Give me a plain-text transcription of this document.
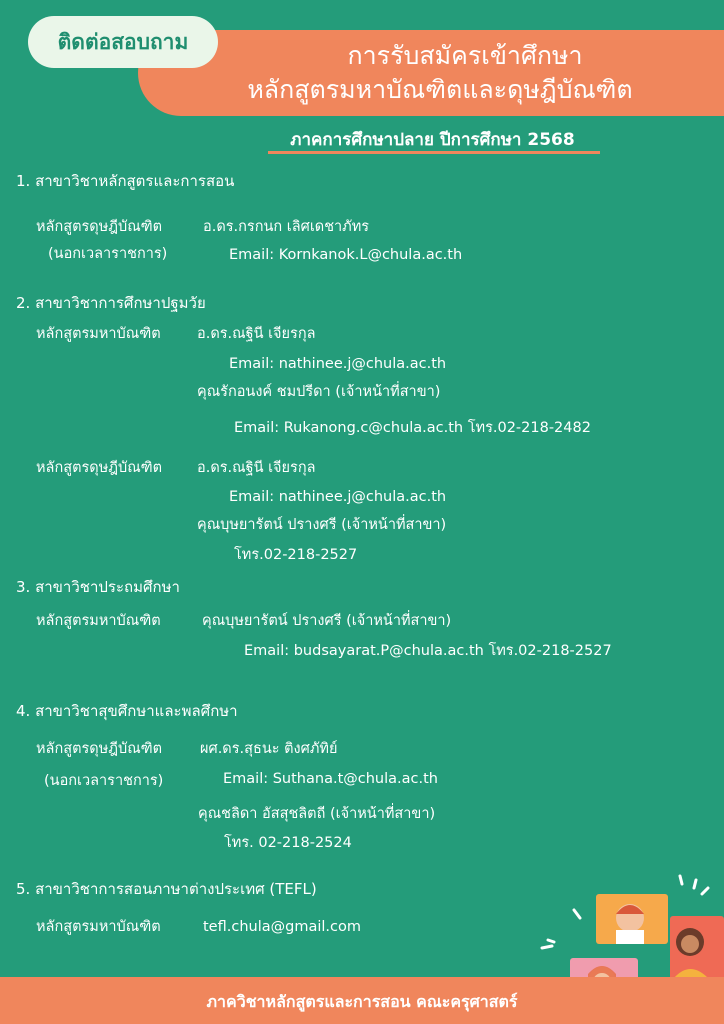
ติดต่อสอบถาม	การรับสมัครเข้าศึกษา
หลักสูตรมหาบัณฑิตและดุษฎีบัณฑิต
ภาคการศึกษาปลาย ปีการศึกษา 2568
1. สาขาวิชาหลักสูตรและการสอน
หลักสูตรดุษฎีบัณฑิต	อ.ดร.กรกนก เลิศเดชาภัทร
(นอกเวลาราชการ)	Email: Kornkanok.L@chula.ac.th
2. สาขาวิชาการศึกษาปฐมวัย
หลักสูตรมหาบัณฑิต	อ.ดร.ณฐินี เจียรกุล
Email: nathinee.j@chula.ac.th
คุณรักอนงค์ ชมปรีดา (เจ้าหน้าที่สาขา)
Email: Rukanong.c@chula.ac.th โทร.02-218-2482
หลักสูตรดุษฎีบัณฑิต อ.ดร.ณฐินี เจียรกุล
Email: nathinee.j@chula.ac.th
คุณบุษยารัตน์ ปรางศรี (เจ้าหน้าที่สาขา)
โทร.02-218-2527
3. สาขาวิชาประถมศึกษา
หลักสูตรมหาบัณฑิต	คุณบุษยารัตน์ ปรางศรี (เจ้าหน้าที่สาขา)
Email: budsayarat.P@chula.ac.th โทร.02-218-2527
4. สาขาวิชาสุขศึกษาและพลศึกษา
หลักสูตรดุษฎีบัณฑิต	ผศ.ดร.สุธนะ ติงศภัทิย์
(นอกเวลาราชการ)	Email: Suthana.t@chula.ac.th
คุณชลิดา อัสสุชลิตถี (เจ้าหน้าที่สาขา)
โทร. 02-218-2524
5. สาขาวิชาการสอนภาษาต่างประเทศ (TEFL)
หลักสูตรมหาบัณฑิต	tefl.chula@gmail.com
ภาควิชาหลักสูตรและการสอน คณะครุศาสตร์
